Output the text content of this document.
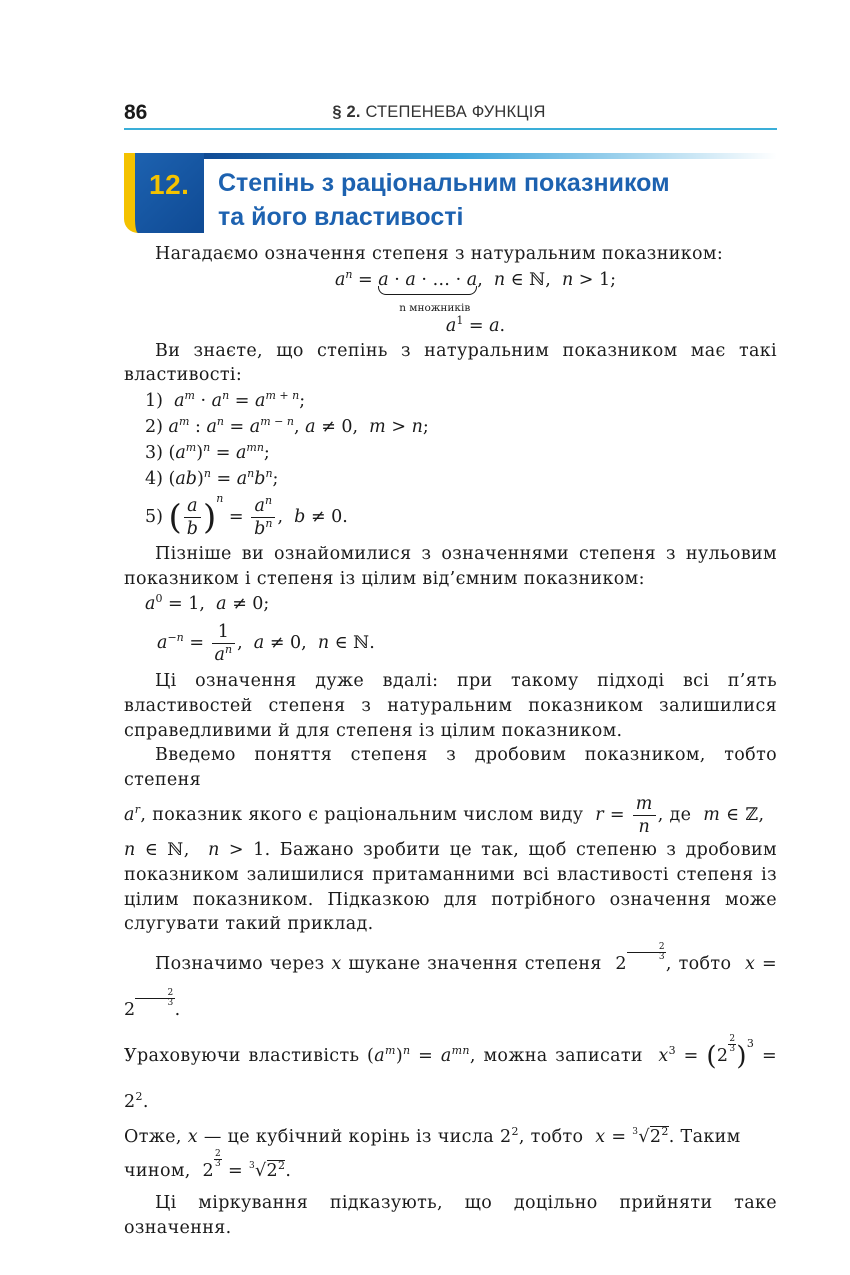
86	§ 2. СТЕПЕНЕВА ФУНКЦІЯ
12. Степінь з раціональним показником
та його властивості
Нагадаємо означення степеня з натуральним показником:
$a^n = a \cdot a$ · … · a
n множників
,  n ∈ ℕ,  n > 1;
$a^1 = a$.
Ви знаєте, що степінь з натуральним показником має такі властивості:
1)  $a^m \cdot a^n = a^{m + n}$;
2) $a^m$ : $a^n = a^{m - n}$, a ≠ 0,  m > n;
3) $(a^m)^n = a^{mn}$;
4) $(ab)^n = a^nb^n$;
5) ( $\frac{a}{b} )^n = \frac{a^n}{b^n}$ ,  b ≠ 0.
Пізніше ви ознайомилися з означеннями степеня з нульовим показником і степеня із цілим від’ємним показником:
$a^0 = 1$,  a ≠ 0;
$a^{-n} = \frac{1}{a^n}$ ,  a ≠ 0,  n ∈ ℕ.
Ці означення дуже вдалі: при такому підході всі п’ять властивостей степеня з натуральним показником залишилися справедливими й для степеня із цілим показником.
Введемо поняття степеня з дробовим показником, тобто степеня
$a^r$, показник якого є раціональним числом виду $r = \frac{m}{n}$ , де m ∈ ℤ,
n ∈ ℕ,  n > 1. Бажано зробити це так, щоб степеню з дробовим показником залишилися притаманними всі властивості степеня із цілим показником. Підказкою для потрібного означення може слугувати такий приклад.
Позначимо через x шукане значення степеня  2
$\frac{2}{3}$
, тобто x = 2
$\frac{2}{3}$
.
Ураховуючи властивість $(a^m)^n = a^{mn}$, можна записати $x^3 = (2$
$\frac{2}{3} )^3 = 2^2$.
Отже, x — це кубічний корінь із числа $2^2$, тобто $x = ^3√2^2$. Таким
чином,  2
$\frac{2}{3}$
= $^3√2^2$.
Ці міркування підказують, що доцільно прийняти таке означення.
